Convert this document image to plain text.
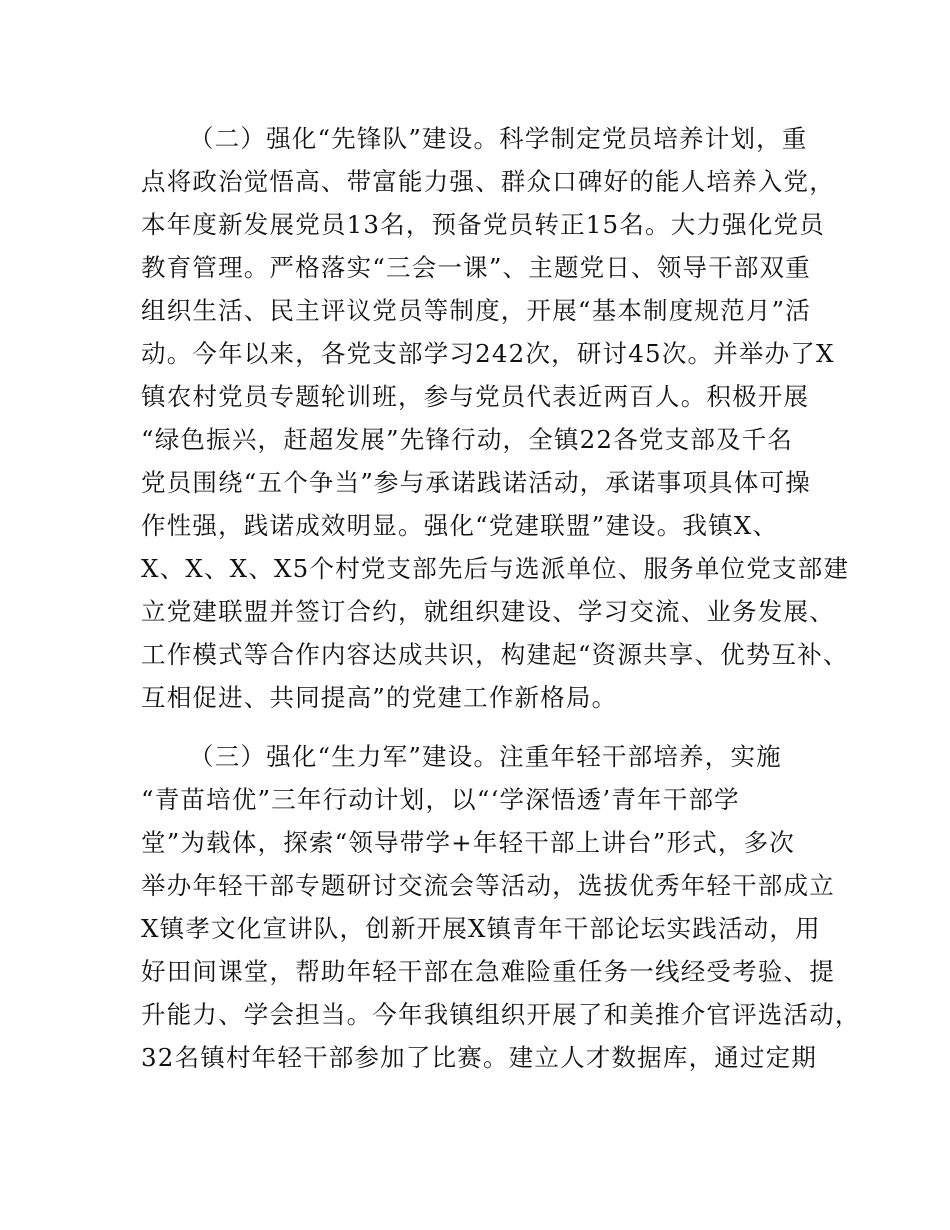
（二）强化“先锋队”建设。科学制定党员培养计划，重
点将政治觉悟高、带富能力强、群众口碑好的能人培养入党，
本年度新发展党员13名，预备党员转正15名。大力强化党员
教育管理。严格落实“三会一课”、主题党日、领导干部双重
组织生活、民主评议党员等制度，开展“基本制度规范月”活
动。今年以来，各党支部学习242次，研讨45次。并举办了X
镇农村党员专题轮训班，参与党员代表近两百人。积极开展
“绿色振兴，赶超发展”先锋行动，全镇22各党支部及千名
党员围绕“五个争当”参与承诺践诺活动，承诺事项具体可操
作性强，践诺成效明显。强化“党建联盟”建设。我镇X、
X、X、X、X5个村党支部先后与选派单位、服务单位党支部建
立党建联盟并签订合约，就组织建设、学习交流、业务发展、
工作模式等合作内容达成共识，构建起“资源共享、优势互补、
互相促进、共同提高”的党建工作新格局。
（三）强化“生力军”建设。注重年轻干部培养，实施
“青苗培优”三年行动计划，以“‘学深悟透’青年干部学
堂”为载体，探索“领导带学+年轻干部上讲台”形式，多次
举办年轻干部专题研讨交流会等活动，选拔优秀年轻干部成立
X镇孝文化宣讲队，创新开展X镇青年干部论坛实践活动，用
好田间课堂，帮助年轻干部在急难险重任务一线经受考验、提
升能力、学会担当。今年我镇组织开展了和美推介官评选活动，
32名镇村年轻干部参加了比赛。建立人才数据库，通过定期
